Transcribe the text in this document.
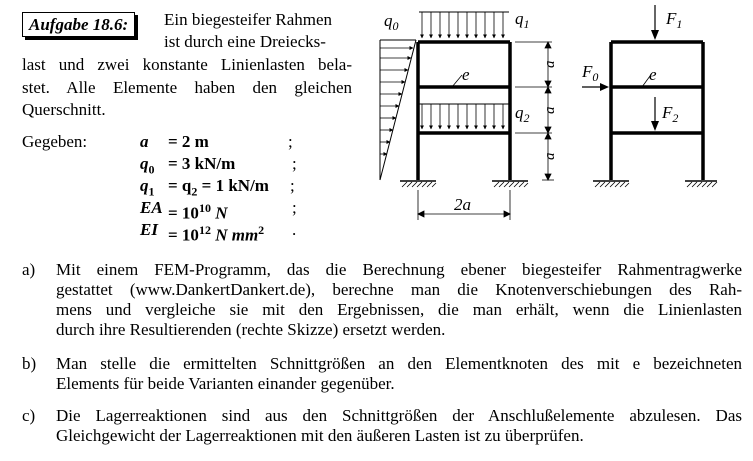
Aufgabe 18.6:	Ein biegesteifer Rahmen
ist durch eine Dreiecks-
last und zwei konstante Linienlasten bela-
stet. Alle Elemente haben den gleichen
Querschnitt.
Gegeben:	a = 2 m	;
$q_0 = 3$ kN/m	;
$q_1 = q_2 = 1$ kN/m ;
EA = $10^{10}$ N	;
EI = $10^{12}$ N $mm^2$ .
$q_0$	$q_1$
$q_2$
e
a
a
a
2a
$F_1$
$F_0$
$F_2$
e
a) Mit einem FEM-Programm, das die Berechnung ebener biegesteifer Rahmentragwerke
gestattet (www.DankertDankert.de), berechne man die Knotenverschiebungen des Rah-
mens und vergleiche sie mit den Ergebnissen, die man erhält, wenn die Linienlasten
durch ihre Resultierenden (rechte Skizze) ersetzt werden.
b) Man stelle die ermittelten Schnittgrößen an den Elementknoten des mit e bezeichneten
Elements für beide Varianten einander gegenüber.
c) Die Lagerreaktionen sind aus den Schnittgrößen der Anschlußelemente abzulesen. Das
Gleichgewicht der Lagerreaktionen mit den äußeren Lasten ist zu überprüfen.
